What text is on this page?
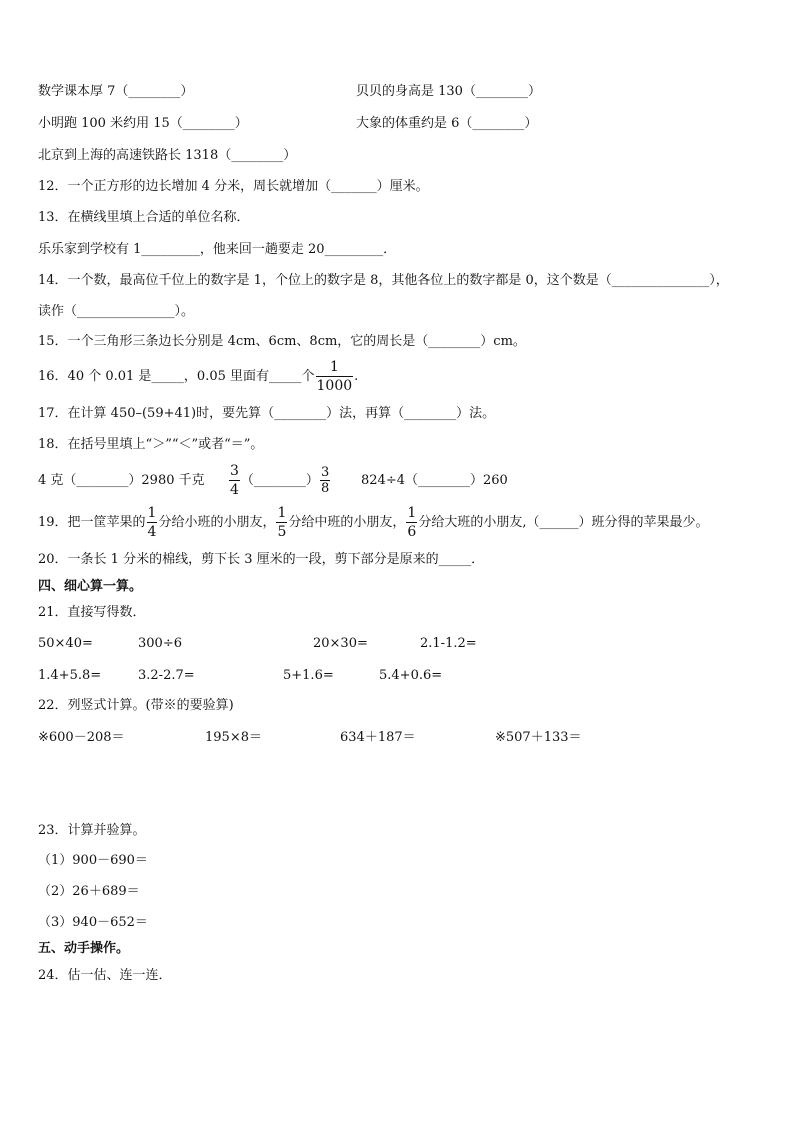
数学课本厚 7（________）	贝贝的身高是 130（________）
小明跑 100 米约用 15（________）	大象的体重约是 6（________）
北京到上海的高速铁路长 1318（________）
12．一个正方形的边长增加 4 分米，周长就增加（_______）厘米。
13．在横线里填上合适的单位名称．
乐乐家到学校有 1_________，他来回一趟要走 20_________．
14．一个数，最高位千位上的数字是 1，个位上的数字是 8，其他各位上的数字都是 0，这个数是（_______________），
读作（_______________）。
15．一个三角形三条边长分别是 4cm、6cm、8cm，它的周长是（________）cm。
16．40 个 0.01 是_____，0.05 里面有_____个 $\frac{1}{1000}$ .
17．在计算 450–(59+41)时，要先算（________）法，再算（________）法。
18．在括号里填上“＞”“＜”或者“＝”。
4 克（________）2980 千克 $\frac{3}{4}$ （________） $\frac{3}{8}$ 824÷4（________）260
19．把一筐苹果的 $\frac{1}{4}$ 分给小班的小朋友， $\frac{1}{5}$ 分给中班的小朋友， $\frac{1}{6}$ 分给大班的小朋友,（______）班分得的苹果最少。
20．一条长 1 分米的棉线，剪下长 3 厘米的一段，剪下部分是原来的_____．
四、细心算一算。
21．直接写得数．
50×40=	300÷6	20×30=	2.1-1.2=
1.4+5.8=	3.2-2.7=	5+1.6=	5.4+0.6=
22．列竖式计算。(带※的要验算)
※600－208＝	195×8＝	634＋187＝	※507＋133＝
23．计算并验算。
（1）900－690＝
（2）26＋689＝
（3）940－652＝
五、动手操作。
24．估一估、连一连．
